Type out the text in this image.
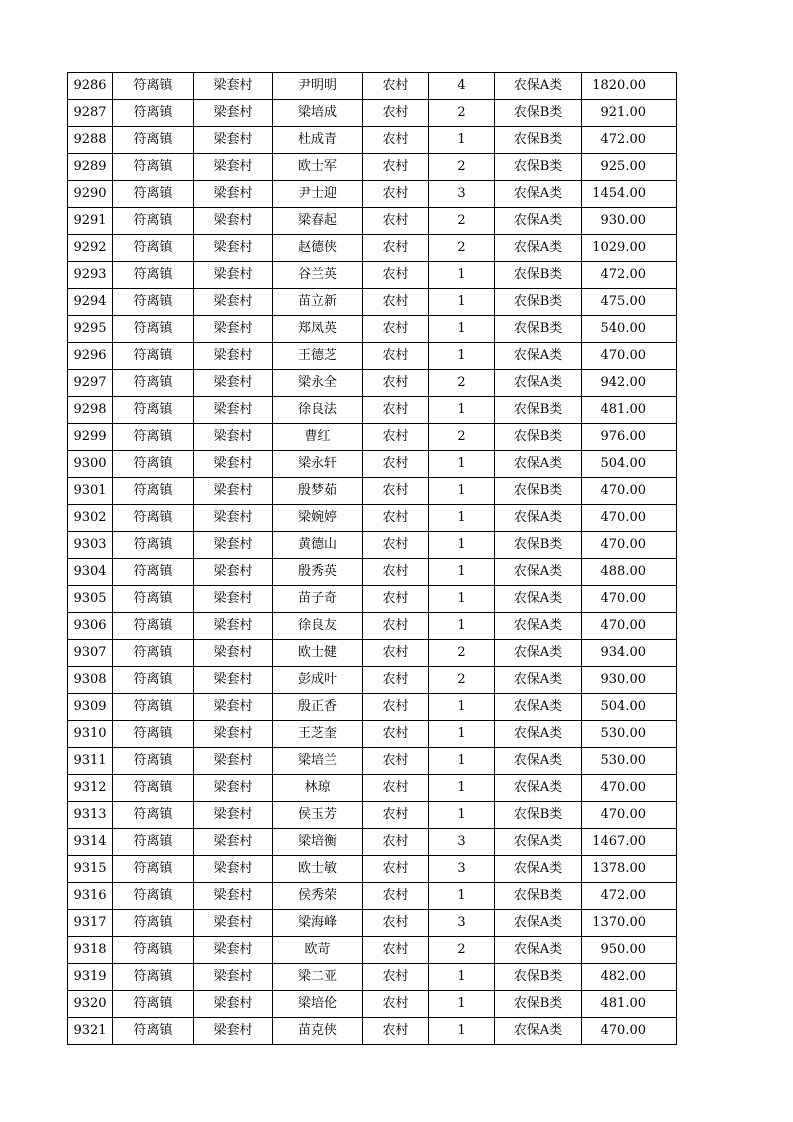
9286	符离镇	梁套村	尹明明	农村	4	农保A类	1820.00
9287	符离镇	梁套村	梁培成	农村	2	农保B类	921.00
9288	符离镇	梁套村	杜成青	农村	1	农保B类	472.00
9289	符离镇	梁套村	欧士军	农村	2	农保B类	925.00
9290	符离镇	梁套村	尹士迎	农村	3	农保A类	1454.00
9291	符离镇	梁套村	梁春起	农村	2	农保A类	930.00
9292	符离镇	梁套村	赵德侠	农村	2	农保A类	1029.00
9293	符离镇	梁套村	谷兰英	农村	1	农保B类	472.00
9294	符离镇	梁套村	苗立新	农村	1	农保B类	475.00
9295	符离镇	梁套村	郑凤英	农村	1	农保B类	540.00
9296	符离镇	梁套村	王德芝	农村	1	农保A类	470.00
9297	符离镇	梁套村	梁永全	农村	2	农保A类	942.00
9298	符离镇	梁套村	徐良法	农村	1	农保B类	481.00
9299	符离镇	梁套村	曹红	农村	2	农保B类	976.00
9300	符离镇	梁套村	梁永轩	农村	1	农保A类	504.00
9301	符离镇	梁套村	殷梦茹	农村	1	农保B类	470.00
9302	符离镇	梁套村	梁婉婷	农村	1	农保A类	470.00
9303	符离镇	梁套村	黄德山	农村	1	农保B类	470.00
9304	符离镇	梁套村	殷秀英	农村	1	农保A类	488.00
9305	符离镇	梁套村	苗子奇	农村	1	农保A类	470.00
9306	符离镇	梁套村	徐良友	农村	1	农保A类	470.00
9307	符离镇	梁套村	欧士健	农村	2	农保A类	934.00
9308	符离镇	梁套村	彭成叶	农村	2	农保A类	930.00
9309	符离镇	梁套村	殷正香	农村	1	农保A类	504.00
9310	符离镇	梁套村	王芝奎	农村	1	农保A类	530.00
9311	符离镇	梁套村	梁培兰	农村	1	农保A类	530.00
9312	符离镇	梁套村	林琼	农村	1	农保A类	470.00
9313	符离镇	梁套村	侯玉芳	农村	1	农保B类	470.00
9314	符离镇	梁套村	梁培衡	农村	3	农保A类	1467.00
9315	符离镇	梁套村	欧士敏	农村	3	农保A类	1378.00
9316	符离镇	梁套村	侯秀荣	农村	1	农保B类	472.00
9317	符离镇	梁套村	梁海峰	农村	3	农保A类	1370.00
9318	符离镇	梁套村	欧苛	农村	2	农保A类	950.00
9319	符离镇	梁套村	梁二亚	农村	1	农保B类	482.00
9320	符离镇	梁套村	梁培伦	农村	1	农保B类	481.00
9321	符离镇	梁套村	苗克侠	农村	1	农保A类	470.00
